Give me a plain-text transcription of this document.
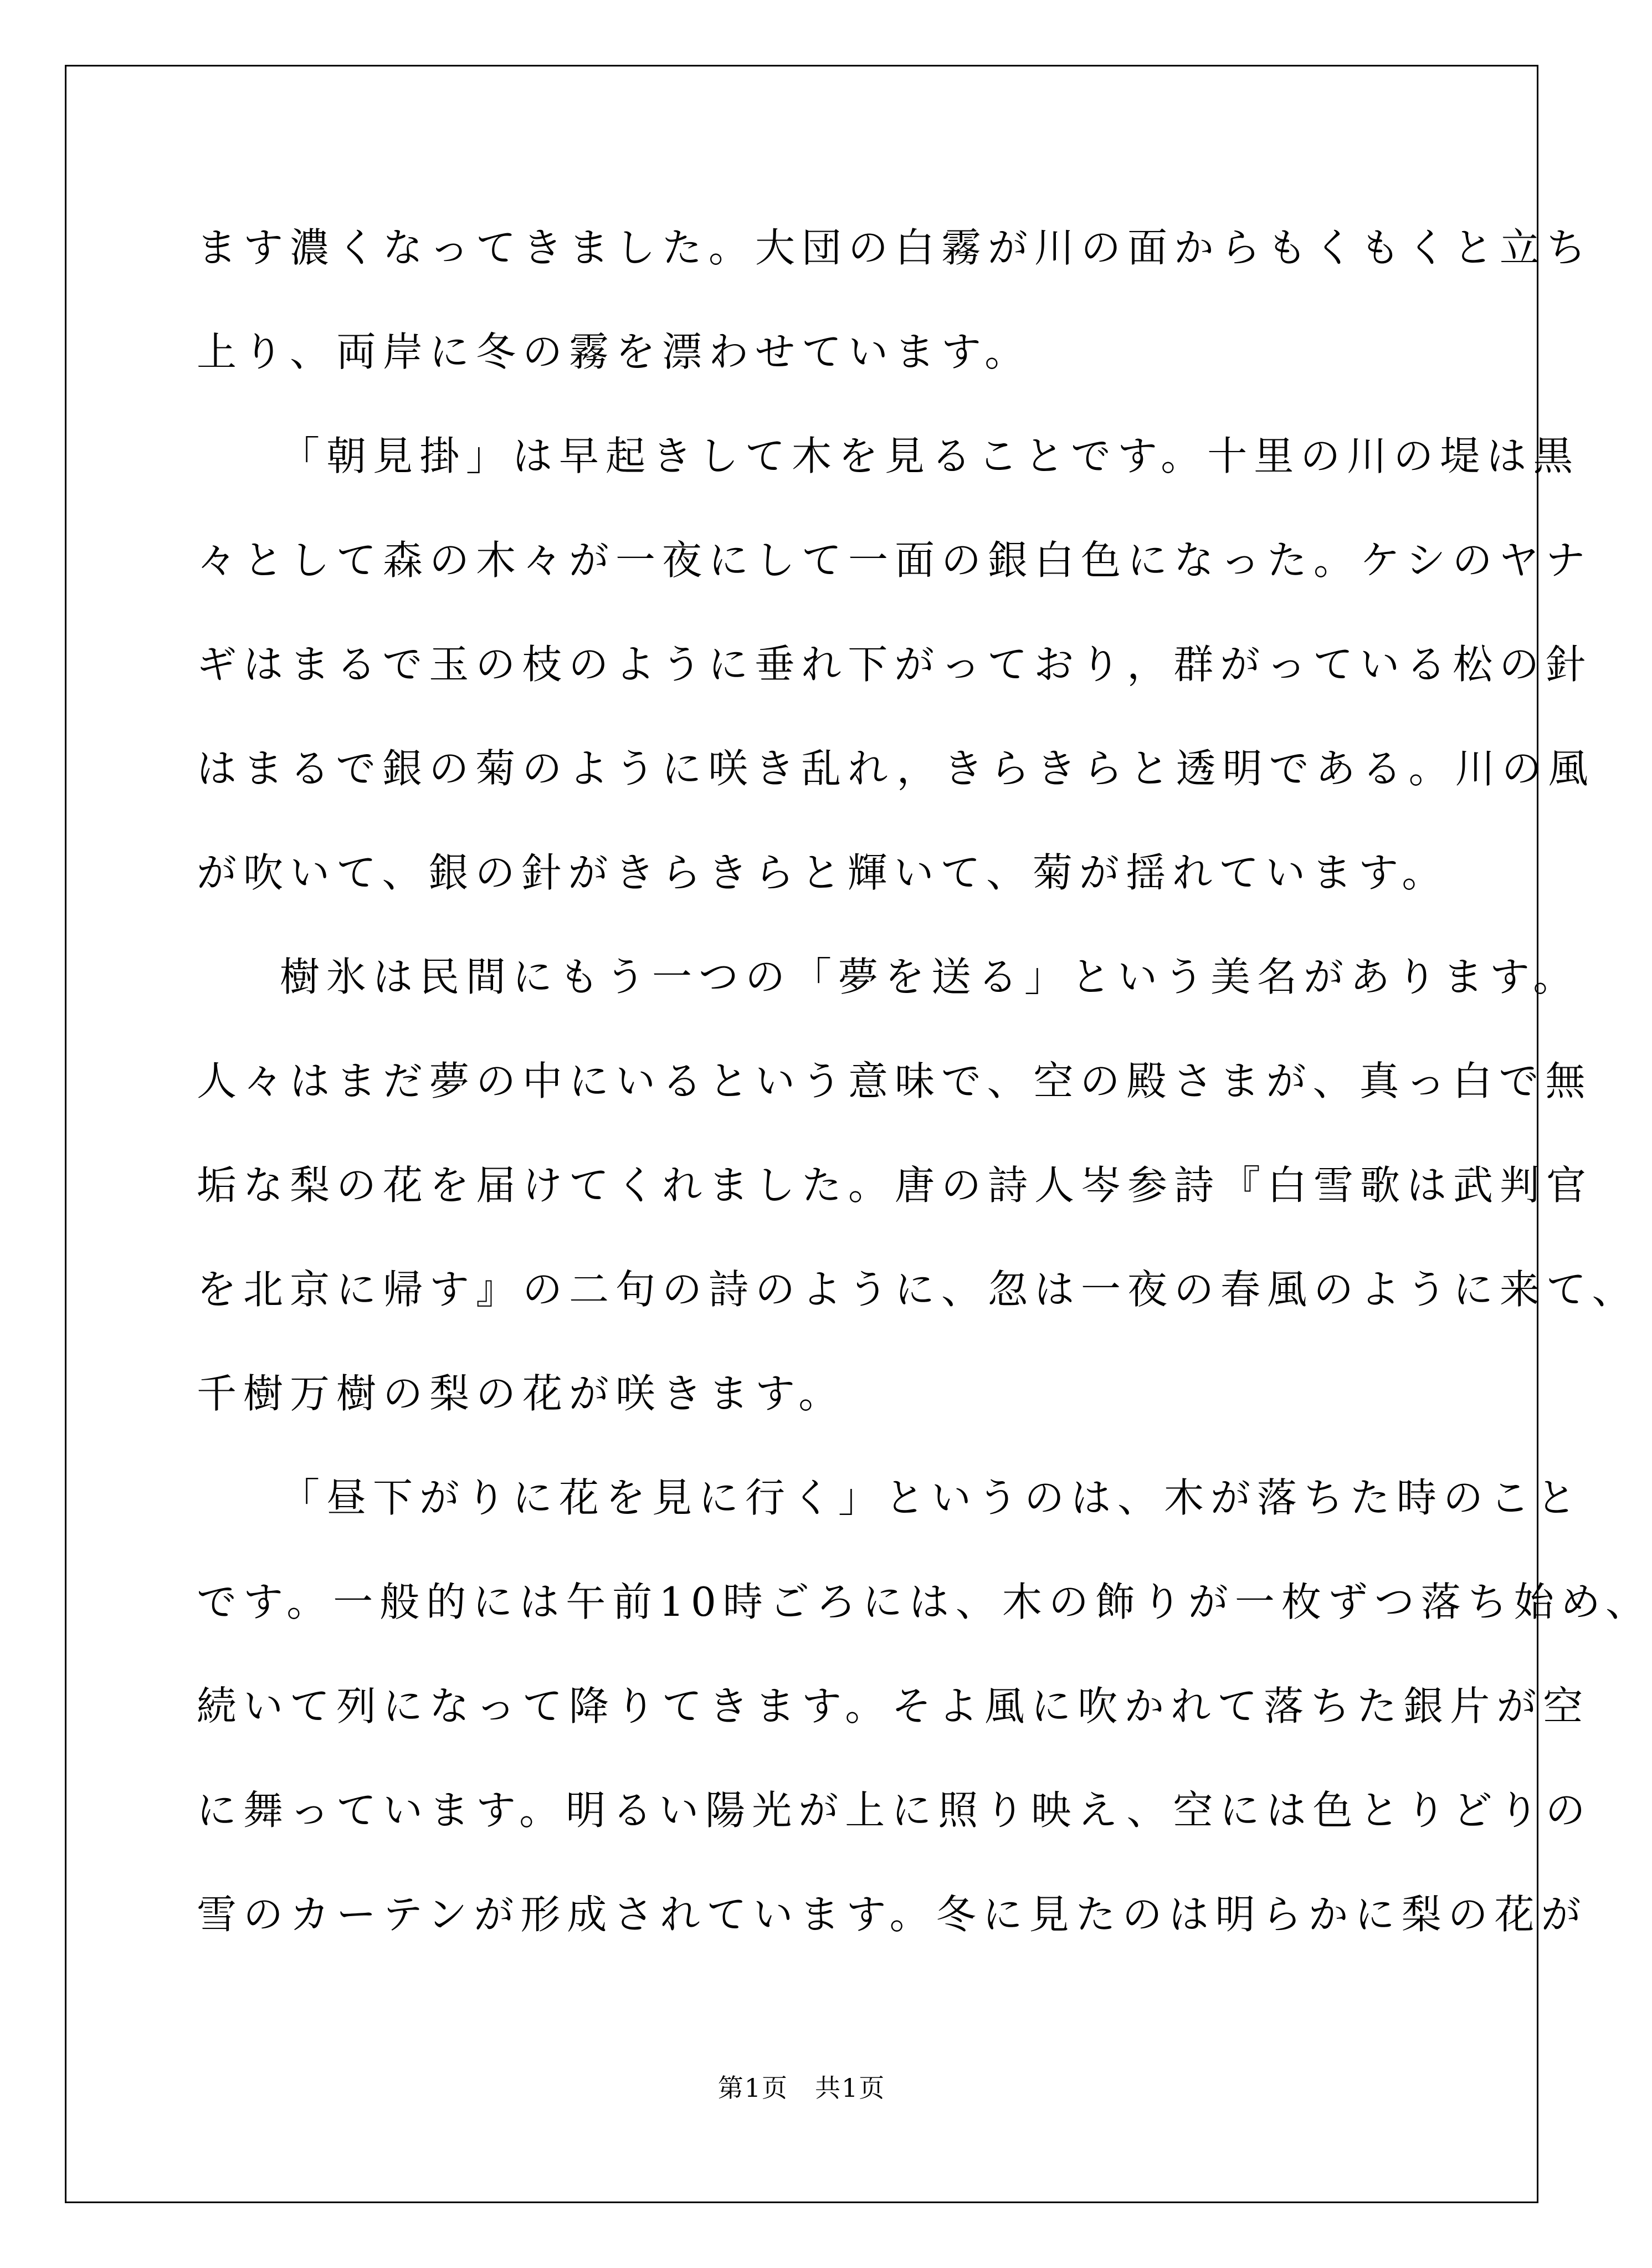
ます濃くなってきました。大団の白霧が川の面からもくもくと立ち
上り、両岸に冬の霧を漂わせています。
「朝見掛」は早起きして木を見ることです。十里の川の堤は黒
々として森の木々が一夜にして一面の銀白色になった。ケシのヤナ
ギはまるで玉の枝のように垂れ下がっており，群がっている松の針
はまるで銀の菊のように咲き乱れ，きらきらと透明である。川の風
が吹いて、銀の針がきらきらと輝いて、菊が揺れています。
樹氷は民間にもう一つの「夢を送る」という美名があります。
人々はまだ夢の中にいるという意味で、空の殿さまが、真っ白で無
垢な梨の花を届けてくれました。唐の詩人岑参詩『白雪歌は武判官
を北京に帰す』の二句の詩のように、忽は一夜の春風のように来て、
千樹万樹の梨の花が咲きます。
「昼下がりに花を見に行く」というのは、木が落ちた時のこと
です。一般的には午前10時ごろには、木の飾りが一枚ずつ落ち始め、
続いて列になって降りてきます。そよ風に吹かれて落ちた銀片が空
に舞っています。明るい陽光が上に照り映え、空には色とりどりの
雪のカーテンが形成されています。冬に見たのは明らかに梨の花が
第1页　共1页
